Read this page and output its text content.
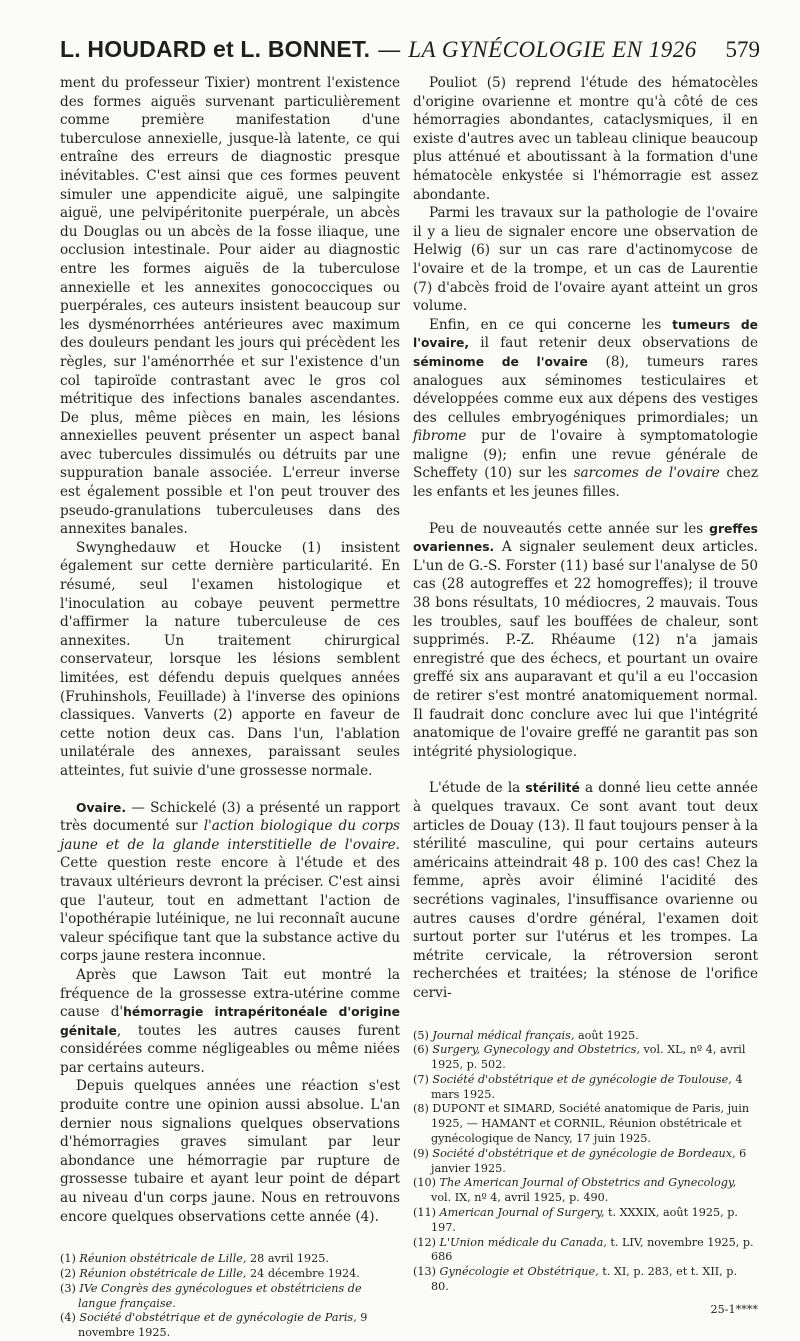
L. HOUDARD et L. BONNET. — LA GYNÉCOLOGIE EN 1926 579

ment du professeur Tixier) montrent l'existence des formes aiguës survenant particulièrement comme première manifestation d'une tuberculose annexielle, jusque-là latente, ce qui entraîne des erreurs de diagnostic presque inévitables. C'est ainsi que ces formes peuvent simuler une appendicite aiguë, une salpingite aiguë, une pelvipéritonite puerpérale, un abcès du Douglas ou un abcès de la fosse iliaque, une occlusion intestinale. Pour aider au diagnostic entre les formes aiguës de la tuberculose annexielle et les annexites gonococciques ou puerpérales, ces auteurs insistent beaucoup sur les dysménorrhées antérieures avec maximum des douleurs pendant les jours qui précèdent les règles, sur l'aménorrhée et sur l'existence d'un col tapiroïde contrastant avec le gros col métritique des infections banales ascendantes. De plus, même pièces en main, les lésions annexielles peuvent présenter un aspect banal avec tubercules dissimulés ou détruits par une suppuration banale associée. L'erreur inverse est également possible et l'on peut trouver des pseudo-granulations tuberculeuses dans des annexites banales.

Swynghedauw et Houcke (1) insistent également sur cette dernière particularité. En résumé, seul l'examen histologique et l'inoculation au cobaye peuvent permettre d'affirmer la nature tuberculeuse de ces annexites. Un traitement chirurgical conservateur, lorsque les lésions semblent limitées, est défendu depuis quelques années (Fruhinshols, Feuillade) à l'inverse des opinions classiques. Vanverts (2) apporte en faveur de cette notion deux cas. Dans l'un, l'ablation unilatérale des annexes, paraissant seules atteintes, fut suivie d'une grossesse normale.

Ovaire. — Schickelé (3) a présenté un rapport très documenté sur l'action biologique du corps jaune et de la glande interstitielle de l'ovaire. Cette question reste encore à l'étude et des travaux ultérieurs devront la préciser. C'est ainsi que l'auteur, tout en admettant l'action de l'opothérapie lutéinique, ne lui reconnaît aucune valeur spécifique tant que la substance active du corps jaune restera inconnue.

Après que Lawson Tait eut montré la fréquence de la grossesse extra-utérine comme cause d'hémorragie intrapéritonéale d'origine génitale, toutes les autres causes furent considérées comme négligeables ou même niées par certains auteurs.

Depuis quelques années une réaction s'est produite contre une opinion aussi absolue. L'an dernier nous signalions quelques observations d'hémorragies graves simulant par leur abondance une hémorragie par rupture de grossesse tubaire et ayant leur point de départ au niveau d'un corps jaune. Nous en retrouvons encore quelques observations cette année (4).

(1) Réunion obstétricale de Lille, 28 avril 1925.
(2) Réunion obstétricale de Lille, 24 décembre 1924.
(3) IVe Congrès des gynécologues et obstétriciens de langue française.
(4) Société d'obstétrique et de gynécologie de Paris, 9 novembre 1925.

Pouliot (5) reprend l'étude des hématocèles d'origine ovarienne et montre qu'à côté de ces hémorragies abondantes, cataclysmiques, il en existe d'autres avec un tableau clinique beaucoup plus atténué et aboutissant à la formation d'une hématocèle enkystée si l'hémorragie est assez abondante.

Parmi les travaux sur la pathologie de l'ovaire il y a lieu de signaler encore une observation de Helwig (6) sur un cas rare d'actinomycose de l'ovaire et de la trompe, et un cas de Laurentie (7) d'abcès froid de l'ovaire ayant atteint un gros volume.

Enfin, en ce qui concerne les tumeurs de l'ovaire, il faut retenir deux observations de séminome de l'ovaire (8), tumeurs rares analogues aux séminomes testiculaires et développées comme eux aux dépens des vestiges des cellules embryogéniques primordiales; un fibrome pur de l'ovaire à symptomatologie maligne (9); enfin une revue générale de Scheffety (10) sur les sarcomes de l'ovaire chez les enfants et les jeunes filles.

Peu de nouveautés cette année sur les greffes ovariennes. A signaler seulement deux articles. L'un de G.-S. Forster (11) basé sur l'analyse de 50 cas (28 autogreffes et 22 homogreffes); il trouve 38 bons résultats, 10 médiocres, 2 mauvais. Tous les troubles, sauf les bouffées de chaleur, sont supprimés. P.-Z. Rhéaume (12) n'a jamais enregistré que des échecs, et pourtant un ovaire greffé six ans auparavant et qu'il a eu l'occasion de retirer s'est montré anatomiquement normal. Il faudrait donc conclure avec lui que l'intégrité anatomique de l'ovaire greffé ne garantit pas son intégrité physiologique.

L'étude de la stérilité a donné lieu cette année à quelques travaux. Ce sont avant tout deux articles de Douay (13). Il faut toujours penser à la stérilité masculine, qui pour certains auteurs américains atteindrait 48 p. 100 des cas! Chez la femme, après avoir éliminé l'acidité des secrétions vaginales, l'insuffisance ovarienne ou autres causes d'ordre général, l'examen doit surtout porter sur l'utérus et les trompes. La métrite cervicale, la rétroversion seront recherchées et traitées; la sténose de l'orifice cervi-

(5) Journal médical français, août 1925.
(6) Surgery, Gynecology and Obstetrics, vol. XL, nº 4, avril 1925, p. 502.
(7) Société d'obstétrique et de gynécologie de Toulouse, 4 mars 1925.
(8) DUPONT et SIMARD, Société anatomique de Paris, juin 1925, — HAMANT et CORNIL, Réunion obstétricale et gynécologique de Nancy, 17 juin 1925.
(9) Société d'obstétrique et de gynécologie de Bordeaux, 6 janvier 1925.
(10) The American Journal of Obstetrics and Gynecology, vol. IX, nº 4, avril 1925, p. 490.
(11) American Journal of Surgery, t. XXXIX, août 1925, p. 197.
(12) L'Union médicale du Canada, t. LIV, novembre 1925, p. 686
(13) Gynécologie et Obstétrique, t. XI, p. 283, et t. XII, p. 80.
25-1****
